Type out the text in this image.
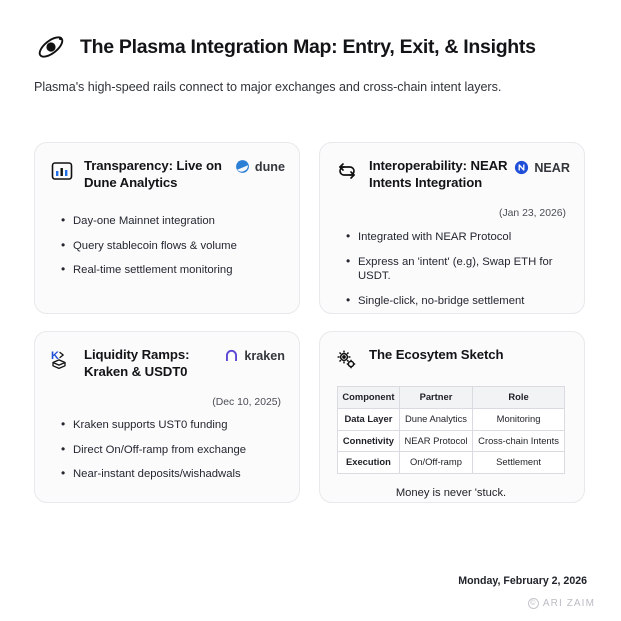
The Plasma Integration Map: Entry, Exit, & Insights
Plasma's high-speed rails connect to major exchanges and cross-chain intent layers.
Transparency: Live on Dune Analytics
dune
• Day-one Mainnet integration
• Query stablecoin flows & volume
• Real-time settlement monitoring
Interoperability: NEAR Intents Integration
NEAR
(Jan 23, 2026)
• Integrated with NEAR Protocol
• Express an 'intent' (e.g), Swap ETH for USDT.
• Single-click, no-bridge settlement
K Liquidity Ramps: Kraken & USDT0
kraken
(Dec 10, 2025)
• Kraken supports UST0 funding
• Direct On/Off-ramp from exchange
• Near-instant deposits/wishadwals
The Ecosytem Sketch
Component	Partner	Role
Data Layer	Dune Analytics	Monitoring
Connetivity	NEAR Protocol	Cross-chain Intents
Execution	On/Off-ramp	Settlement
Money is never 'stuck.
Monday, February 2, 2026
© ARI ZAIM
